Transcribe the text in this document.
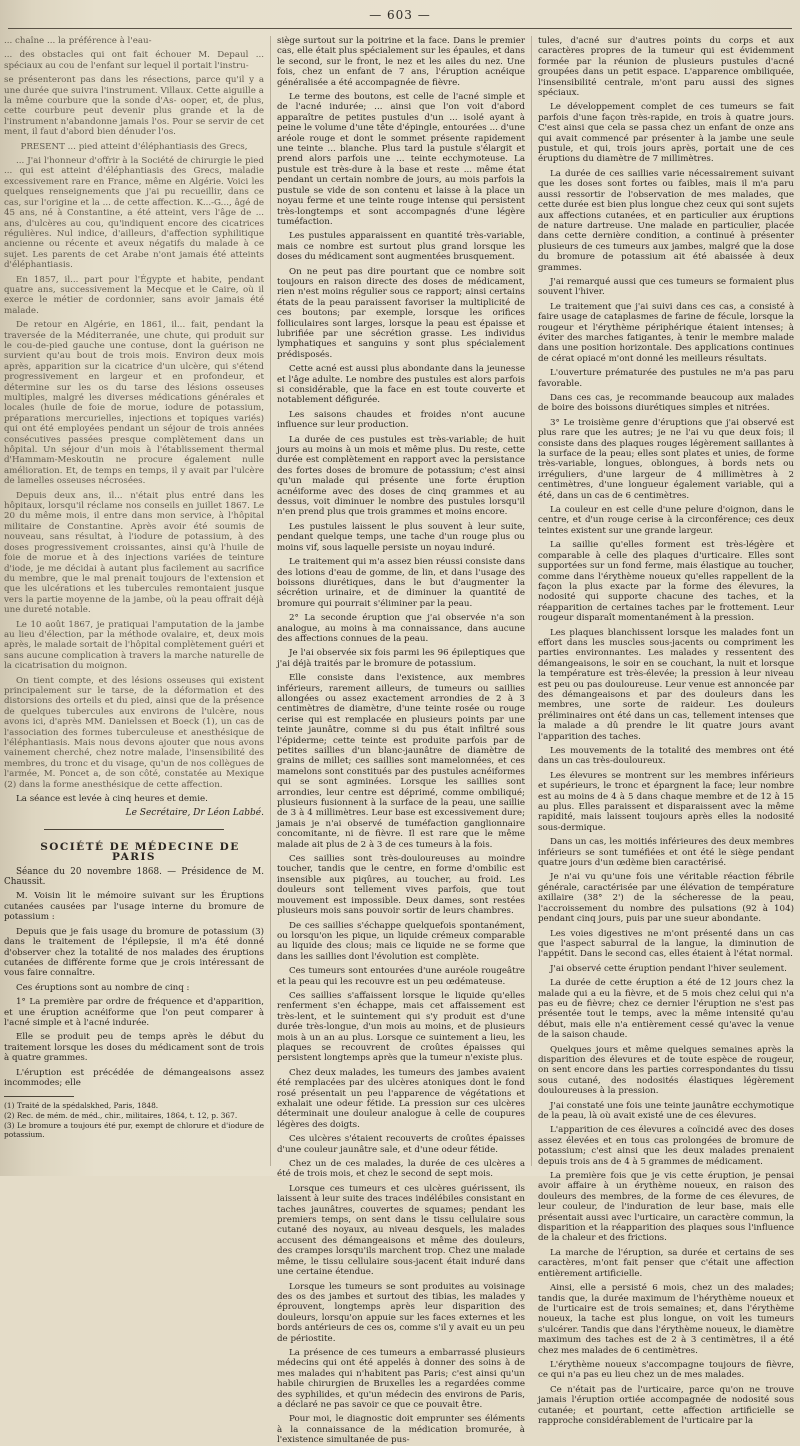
— 603 —

... chaîne ... la préférence à l'eau-

... des obstacles qui ont fait échouer M. Depaul ... spéciaux au cou de l'enfant sur lequel il portait l'instru-

se présenteront pas dans les résections, parce qu'il y a une durée que suivra l'instrument. Villaux. Cette aiguille a la même courbure que la sonde d'As- ooper, et, de plus, cette courbure peut devenir plus grande et la de l'instrument n'abandonne jamais l'os. Pour se servir de cet ment, il faut d'abord bien dénuder l'os.

PRESENT ... pied atteint d'éléphantiasis des Grecs,

... J'ai l'honneur d'offrir à la Société de chirurgie le pied ... qui est atteint d'éléphantiasis des Grecs, maladie excessivement rare en France, même en Algérie. Voici les quelques renseignements que j'ai pu recueillir, dans ce cas, sur l'origine et la ... de cette affection. K...-G..., âgé de 45 ans, né à Constantine, a été atteint, vers l'âge de ... ans, d'ulcères au cou, qu'indiquent encore des cicatrices régulières. Nul indice, d'ailleurs, d'affection syphilitique ancienne ou récente et aveux négatifs du malade à ce sujet. Les parents de cet Arabe n'ont jamais été atteints d'éléphantiasis.

En 1857, il... part pour l'Égypte et habite, pendant quatre ans, successivement la Mecque et le Caire, où il exerce le métier de cordonnier, sans avoir jamais été malade.

De retour en Algérie, en 1861, il... fait, pendant la traversée de la Méditerranée, une chute, qui produit sur le cou-de-pied gauche une contuse, dont la guérison ne survient qu'au bout de trois mois. Environ deux mois après, apparition sur la cicatrice d'un ulcère, qui s'étend progressivement en largeur et en profondeur, et détermine sur les os du tarse des lésions osseuses multiples, malgré les diverses médications générales et locales (huile de foie de morue, iodure de potassium, préparations mercurielles, injections et topiques variés) qui ont été employées pendant un séjour de trois années consécutives passées presque complètement dans un hôpital. Un séjour d'un mois à l'établissement thermal d'Hammam-Meskoutin ne procure également nulle amélioration. Et, de temps en temps, il y avait par l'ulcère de lamelles osseuses nécrosées.

Depuis deux ans, il... n'était plus entré dans les hôpitaux, lorsqu'il réclame nos conseils en juillet 1867. Le 20 du même mois, il entre dans mon service, à l'hôpital militaire de Constantine. Après avoir été soumis de nouveau, sans résultat, à l'iodure de potassium, à des doses progressivement croissantes, ainsi qu'à l'huile de foie de morue et à des injections variées de teinture d'iode, je me décidai à autant plus facilement au sacrifice du membre, que le mal prenait toujours de l'extension et que les ulcérations et les tubercules remontaient jusque vers la partie moyenne de la jambe, où la peau offrait déjà une dureté notable.

Le 10 août 1867, je pratiquai l'amputation de la jambe au lieu d'élection, par la méthode ovalaire, et, deux mois après, le malade sortait de l'hôpital complètement guéri et sans aucune complication à travers la marche naturelle de la cicatrisation du moignon.

On tient compte, et des lésions osseuses qui existent principalement sur le tarse, de la déformation et des distorsions des orteils et du pied, ainsi que de la présence de quelques tubercules aux environs de l'ulcère, nous avons ici, d'après MM. Danielssen et Boeck (1), un cas de l'association des formes tuberculeuse et anesthésique de l'éléphantiasis. Mais nous devons ajouter que nous avons vainement cherché, chez notre malade, l'insensibilité des membres, du tronc et du visage, qu'un de nos collègues de l'armée, M. Poncet a, de son côté, constatée au Mexique (2) dans la forme anesthésique de cette affection.

La séance est levée à cinq heures et demie.

Le Secrétaire, Dr Léon Labbé.

SOCIÉTÉ DE MÉDECINE DE PARIS

Séance du 20 novembre 1868. — Présidence de M. Chaussit.

M. Voisin lit le mémoire suivant sur les Éruptions cutanées causées par l'usage interne du bromure de potassium :

Depuis que je fais usage du bromure de potassium (3) dans le traitement de l'épilepsie, il m'a été donné d'observer chez la totalité de nos malades des éruptions cutanées de différente forme que je crois intéressant de vous faire connaître.

Ces éruptions sont au nombre de cinq :

1° La première par ordre de fréquence et d'apparition, et une éruption acnéiforme que l'on peut comparer à l'acné simple et à l'acné indurée.

Elle se produit peu de temps après le début du traitement lorsque les doses du médicament sont de trois à quatre grammes.

L'éruption est précédée de démangeaisons assez incommodes; elle

(1) Traité de la spédalskhed, Paris, 1848.

(2) Rec. de mém. de méd., chir., militaires, 1864, t. 12, p. 367.

(3) Le bromure a toujours été pur, exempt de chlorure et d'iodure de potassium.

siège surtout sur la poitrine et la face. Dans le premier cas, elle était plus spécialement sur les épaules, et dans le second, sur le front, le nez et les ailes du nez. Une fois, chez un enfant de 7 ans, l'éruption acnéique généralisée a été accompagnée de fièvre.

Le terme des boutons, est celle de l'acné simple et de l'acné indurée; ... ainsi que l'on voit d'abord apparaître de petites pustules d'un ... isolé ayant à peine le volume d'une tête d'épingle, entourées ... d'une aréole rouge et dont le sommet présente rapidement une teinte ... blanche. Plus tard la pustule s'élargit et prend alors parfois une ... teinte ecchymoteuse. La pustule est très-dure à la base et reste ... même état pendant un certain nombre de jours, au mois parfois la pustule se vide de son contenu et laisse à la place un noyau ferme et une teinte rouge intense qui persistent très-longtemps et sont accompagnés d'une légère tuméfaction.

Les pustules apparaissent en quantité très-variable, mais ce nombre est surtout plus grand lorsque les doses du médicament sont augmentées brusquement.

On ne peut pas dire pourtant que ce nombre soit toujours en raison directe des doses de médicament, rien n'est moins régulier sous ce rapport; ainsi certains états de la peau paraissent favoriser la multiplicité de ces boutons; par exemple, lorsque les orifices folliculaires sont larges, lorsque la peau est épaisse et lubrifiée par une sécrétion grasse. Les individus lymphatiques et sanguins y sont plus spécialement prédisposés.

Cette acné est aussi plus abondante dans la jeunesse et l'âge adulte. Le nombre des pustules est alors parfois si considérable, que la face en est toute couverte et notablement défigurée.

Les saisons chaudes et froides n'ont aucune influence sur leur production.

La durée de ces pustules est très-variable; de huit jours au moins à un mois et même plus. Du reste, cette durée est complètement en rapport avec la persistance des fortes doses de bromure de potassium; c'est ainsi qu'un malade qui présente une forte éruption acnéiforme avec des doses de cinq grammes et au dessus, voit diminuer le nombre des pustules lorsqu'il n'en prend plus que trois grammes et moins encore.

Les pustules laissent le plus souvent à leur suite, pendant quelque temps, une tache d'un rouge plus ou moins vif, sous laquelle persiste un noyau induré.

Le traitement qui m'a assez bien réussi consiste dans des lotions d'eau de gomme, de lin, et dans l'usage des boissons diurétiques, dans le but d'augmenter la sécrétion urinaire, et de diminuer la quantité de bromure qui pourrait s'éliminer par la peau.

2° La seconde éruption que j'ai observée n'a son analogue, au moins à ma connaissance, dans aucune des affections connues de la peau.

Je l'ai observée six fois parmi les 96 épileptiques que j'ai déjà traités par le bromure de potassium.

Elle consiste dans l'existence, aux membres inférieurs, rarement ailleurs, de tumeurs ou saillies allongées ou assez exactement arrondies de 2 à 3 centimètres de diamètre, d'une teinte rosée ou rouge cerise qui est remplacée en plusieurs points par une teinte jaunâtre, comme si du pus était infiltré sous l'épiderme; cette teinte est produite parfois par de petites saillies d'un blanc-jaunâtre de diamètre de grains de millet; ces saillies sont mamelonnées, et ces mamelons sont constitués par des pustules acnéiformes qui se sont agminées. Lorsque les saillies sont arrondies, leur centre est déprimé, comme ombiliqué; plusieurs fusionnent à la surface de la peau, une saillie de 3 à 4 millimètres. Leur base est excessivement dure; jamais je n'ai observé de tuméfaction ganglionnaire concomitante, ni de fièvre. Il est rare que le même malade ait plus de 2 à 3 de ces tumeurs à la fois.

Ces saillies sont très-douloureuses au moindre toucher, tandis que le centre, en forme d'ombilic est insensible aux piqûres, au toucher, au froid. Les douleurs sont tellement vives parfois, que tout mouvement est impossible. Deux dames, sont restées plusieurs mois sans pouvoir sortir de leurs chambres.

De ces saillies s'échappe quelquefois spontanément, ou lorsqu'on les pique, un liquide crémeux comparable au liquide des clous; mais ce liquide ne se forme que dans les saillies dont l'évolution est complète.

Ces tumeurs sont entourées d'une auréole rougeâtre et la peau qui les recouvre est un peu œdémateuse.

Ces saillies s'affaissent lorsque le liquide qu'elles renferment s'en échappe, mais cet affaissement est très-lent, et le suintement qui s'y produit est d'une durée très-longue, d'un mois au moins, et de plusieurs mois à un an au plus. Lorsque ce suintement a lieu, les plaques se recouvrent de croûtes épaisses qui persistent longtemps après que la tumeur n'existe plus.

Chez deux malades, les tumeurs des jambes avaient été remplacées par des ulcères atoniques dont le fond rosé présentait un peu l'apparence de végétations et exhalait une odeur fétide. La pression sur ces ulcères déterminait une douleur analogue à celle de coupures légères des doigts.

Ces ulcères s'étaient recouverts de croûtes épaisses d'une couleur jaunâtre sale, et d'une odeur fétide.

Chez un de ces malades, la durée de ces ulcères a été de trois mois, et chez le second de sept mois.

Lorsque ces tumeurs et ces ulcères guérissent, ils laissent à leur suite des traces indélébiles consistant en taches jaunâtres, couvertes de squames; pendant les premiers temps, on sent dans le tissu cellulaire sous cutané des noyaux, au niveau desquels, les malades accusent des démangeaisons et même des douleurs, des crampes lorsqu'ils marchent trop. Chez une malade même, le tissu cellulaire sous-jacent était induré dans une certaine étendue.

Lorsque les tumeurs se sont produites au voisinage des os des jambes et surtout des tibias, les malades y éprouvent, longtemps après leur disparition des douleurs, lorsqu'on appuie sur les faces externes et les bords antérieurs de ces os, comme s'il y avait eu un peu de périostite.

La présence de ces tumeurs a embarrassé plusieurs médecins qui ont été appelés à donner des soins à de mes malades qui n'habitent pas Paris; c'est ainsi qu'un habile chirurgien de Bruxelles les a regardées comme des syphilides, et qu'un médecin des environs de Paris, a déclaré ne pas savoir ce que ce pouvait être.

Pour moi, le diagnostic doit emprunter ses éléments à la connaissance de la médication bromurée, à l'existence simultanée de pus-

tules, d'acné sur d'autres points du corps et aux caractères propres de la tumeur qui est évidemment formée par la réunion de plusieurs pustules d'acné groupées dans un petit espace. L'apparence ombiliquée, l'insensibilité centrale, m'ont paru aussi des signes spéciaux.

Le développement complet de ces tumeurs se fait parfois d'une façon très-rapide, en trois à quatre jours. C'est ainsi que cela se passa chez un enfant de onze ans qui avait commencé par présenter à la jambe une seule pustule, et qui, trois jours après, portait une de ces éruptions du diamètre de 7 millimètres.

La durée de ces saillies varie nécessairement suivant que les doses sont fortes ou faibles, mais il m'a paru aussi ressortir de l'observation de mes malades, que cette durée est bien plus longue chez ceux qui sont sujets aux affections cutanées, et en particulier aux éruptions de nature dartreuse. Une malade en particulier, placée dans cette dernière condition, a continué à présenter plusieurs de ces tumeurs aux jambes, malgré que la dose du bromure de potassium ait été abaissée à deux grammes.

J'ai remarqué aussi que ces tumeurs se formaient plus souvent l'hiver.

Le traitement que j'ai suivi dans ces cas, a consisté à faire usage de cataplasmes de farine de fécule, lorsque la rougeur et l'érythème périphérique étaient intenses; à éviter des marches fatigantes, à tenir le membre malade dans une position horizontale. Des applications continues de cérat opiacé m'ont donné les meilleurs résultats.

L'ouverture prématurée des pustules ne m'a pas paru favorable.

Dans ces cas, je recommande beaucoup aux malades de boire des boissons diurétiques simples et nitrées.

3° Le troisième genre d'éruptions que j'ai observé est plus rare que les autres; je ne l'ai vu que deux fois; il consiste dans des plaques rouges légèrement saillantes à la surface de la peau; elles sont plates et unies, de forme très-variable, longues, oblongues, à bords nets ou irréguliers, d'une largeur de 4 millimètres à 2 centimètres, d'une longueur également variable, qui a été, dans un cas de 6 centimètres.

La couleur en est celle d'une pelure d'oignon, dans le centre, et d'un rouge cerise à la circonférence; ces deux teintes existent sur une grande largeur.

La saillie qu'elles forment est très-légère et comparable à celle des plaques d'urticaire. Elles sont supportées sur un fond ferme, mais élastique au toucher, comme dans l'érythème noueux qu'elles rappellent de la façon la plus exacte par la forme des élevures, la nodosité qui supporte chacune des taches, et la réapparition de certaines taches par le frottement. Leur rougeur disparaît momentanément à la pression.

Les plaques blanchissent lorsque les malades font un effort dans les muscles sous-jacents ou compriment les parties environnantes. Les malades y ressentent des démangeaisons, le soir en se couchant, la nuit et lorsque la température est très-élevée; la pression à leur niveau est peu ou pas douloureuse. Leur venue est annoncée par des démangeaisons et par des douleurs dans les membres, une sorte de raideur. Les douleurs préliminaires ont été dans un cas, tellement intenses que la malade a dû prendre le lit quatre jours avant l'apparition des taches.

Les mouvements de la totalité des membres ont été dans un cas très-douloureux.

Les élevures se montrent sur les membres inférieurs et supérieurs, le tronc et épargnent la face; leur nombre est au moins de 4 à 5 dans chaque membre et de 12 à 15 au plus. Elles paraissent et disparaissent avec la même rapidité, mais laissent toujours après elles la nodosité sous-dermique.

Dans un cas, les moitiés inférieures des deux membres inférieurs se sont tuméfiées et ont été le siège pendant quatre jours d'un œdème bien caractérisé.

Je n'ai vu qu'une fois une véritable réaction fébrile générale, caractérisée par une élévation de température axillaire (38° 2') de la sécheresse de la peau, l'accroissement du nombre des pulsations (92 à 104) pendant cinq jours, puis par une sueur abondante.

Les voies digestives ne m'ont présenté dans un cas que l'aspect saburral de la langue, la diminution de l'appétit. Dans le second cas, elles étaient à l'état normal.

J'ai observé cette éruption pendant l'hiver seulement.

La durée de cette éruption a été de 12 jours chez la malade qui a eu la fièvre, et de 5 mois chez celui qui n'a pas eu de fièvre; chez ce dernier l'éruption ne s'est pas présentée tout le temps, avec la même intensité qu'au début, mais elle n'a entièrement cessé qu'avec la venue de la saison chaude.

Quelques jours et même quelques semaines après la disparition des élevures et de toute espèce de rougeur, on sent encore dans les parties correspondantes du tissu sous cutané, des nodosités élastiques légèrement douloureuses à la pression.

J'ai constaté une fois une teinte jaunâtre ecchymotique de la peau, là où avait existé une de ces élevures.

L'apparition de ces élevures a coïncidé avec des doses assez élevées et en tous cas prolongées de bromure de potassium; c'est ainsi que les deux malades prenaient depuis trois ans de 4 à 5 grammes de médicament.

La première fois que je vis cette éruption, je pensai avoir affaire à un érythème noueux, en raison des douleurs des membres, de la forme de ces élevures, de leur couleur, de l'induration de leur base, mais elle présentait aussi avec l'urticaire, un caractère commun, la disparition et la réapparition des plaques sous l'influence de la chaleur et des frictions.

La marche de l'éruption, sa durée et certains de ses caractères, m'ont fait penser que c'était une affection entièrement artificielle.

Ainsi, elle a persisté 6 mois, chez un des malades; tandis que, la durée maximum de l'hérythème noueux et de l'urticaire est de trois semaines; et, dans l'érythème noueux, la tache est plus longue, on voit les tumeurs s'ulcérer. Tandis que dans l'érythème noueux, le diamètre maximum des taches est de 2 à 3 centimètres, il a été chez mes malades de 6 centimètres.

L'érythème noueux s'accompagne toujours de fièvre, ce qui n'a pas eu lieu chez un de mes malades.

Ce n'était pas de l'urticaire, parce qu'on ne trouve jamais l'éruption ortiée accompagnée de nodosité sous cutanée; et pourtant, cette affection artificielle se rapproche considérablement de l'urticaire par la
